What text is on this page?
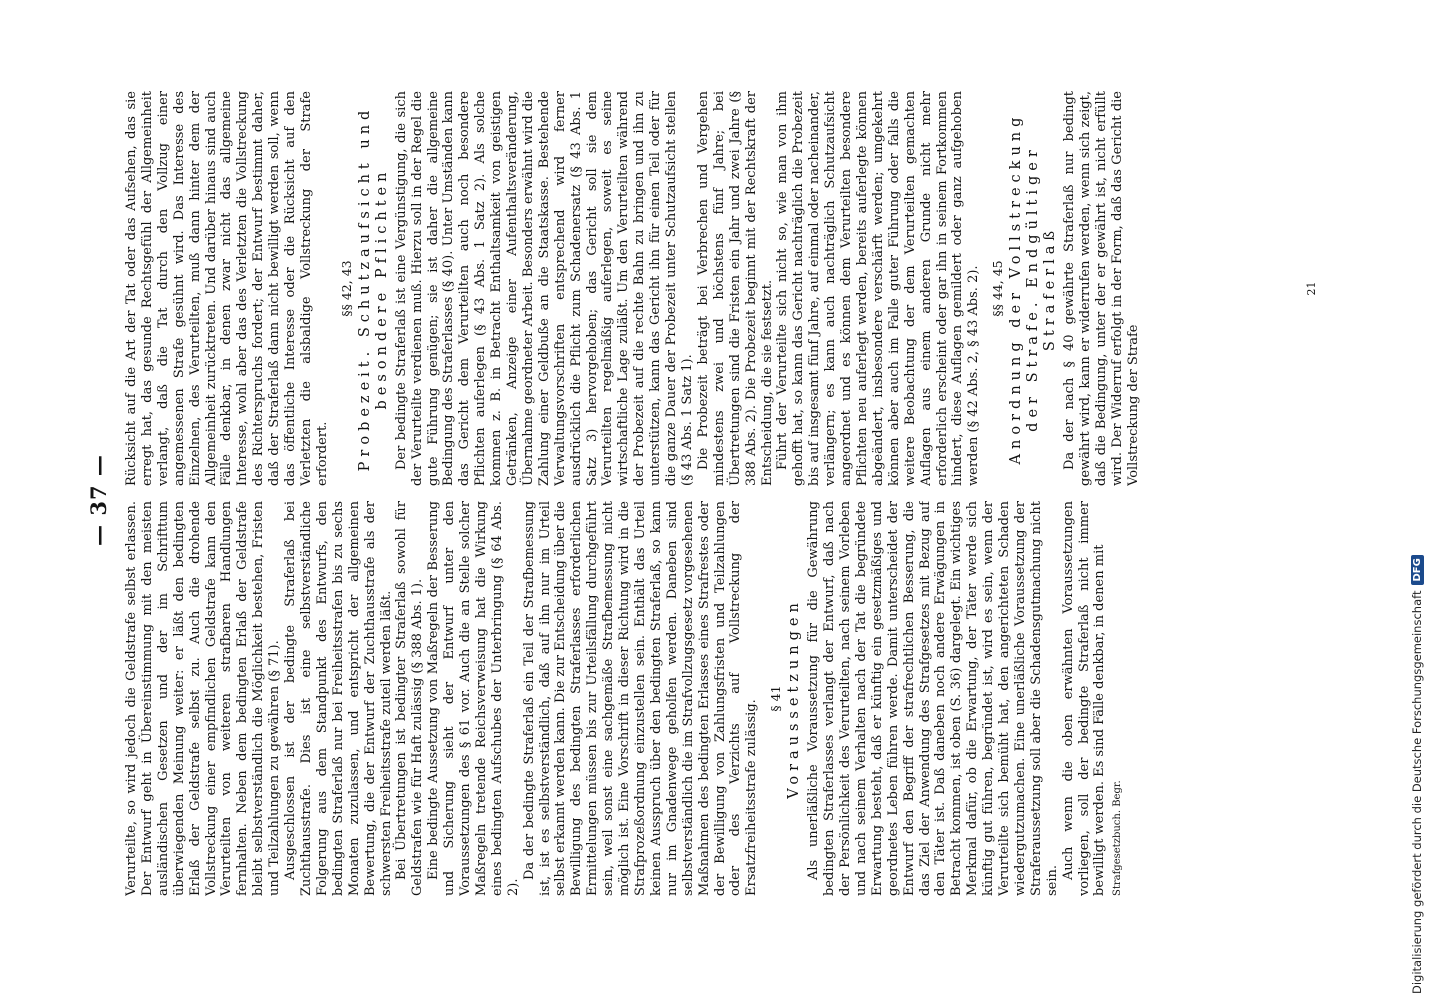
Digitalisierung gefördert durch die Deutsche Forschungsgemeinschaft
DFG
— 37 —

Verurteilte, so wird jedoch die Geldstrafe selbst erlassen. Der Entwurf geht in Übereinstimmung mit den meisten ausländischen Gesetzen und der im Schrifttum überwiegenden Meinung weiter: er läßt den bedingten Erlaß der Geldstrafe selbst zu. Auch die drohende Vollstreckung einer empfindlichen Geldstrafe kann den Verurteilten von weiteren strafbaren Handlungen fernhalten. Neben dem bedingten Erlaß der Geldstrafe bleibt selbstverständlich die Möglichkeit bestehen, Fristen und Teilzahlungen zu gewähren (§ 71). Ausgeschlossen ist der bedingte Straferlaß bei Zuchthausstrafe. Dies ist eine selbstverständliche Folgerung aus dem Standpunkt des Entwurfs, den bedingten Straferlaß nur bei Freiheitsstrafen bis zu sechs Monaten zuzulassen, und entspricht der allgemeinen Bewertung, die der Entwurf der Zuchthausstrafe als der schwersten Freiheitsstrafe zuteil werden läßt. Bei Übertretungen ist bedingter Straferlaß sowohl für Geldstrafen wie für Haft zulässig (§ 388 Abs. 1). Eine bedingte Aussetzung von Maßregeln der Besserung und Sicherung sieht der Entwurf unter den Voraussetzungen des § 61 vor. Auch die an Stelle solcher Maßregeln tretende Reichsverweisung hat die Wirkung eines bedingten Aufschubes der Unterbringung (§ 64 Abs. 2).

Da der bedingte Straferlaß ein Teil der Strafbemessung ist, ist es selbstverständlich, daß auf ihn nur im Urteil selbst erkannt werden kann. Die zur Entscheidung über die Bewilligung des bedingten Straferlasses erforderlichen Ermittelungen müssen bis zur Urteilsfällung durchgeführt sein, weil sonst eine sachgemäße Strafbemessung nicht möglich ist. Eine Vorschrift in dieser Richtung wird in die Strafprozeßordnung einzustellen sein. Enthält das Urteil keinen Ausspruch über den bedingten Straferlaß, so kann nur im Gnadenwege geholfen werden. Daneben sind selbstverständlich die im Strafvollzugsgesetz vorgesehenen Maßnahmen des bedingten Erlasses eines Strafrestes oder der Bewilligung von Zahlungsfristen und Teilzahlungen oder des Verzichts auf Vollstreckung der Ersatzfreiheitsstrafe zulässig.

§ 41 Voraussetzungen Als unerläßliche Voraussetzung für die Gewährung bedingten Straferlasses verlangt der Entwurf, daß nach der Persönlichkeit des Verurteilten, nach seinem Vorleben und nach seinem Verhalten nach der Tat die begründete Erwartung besteht, daß er künftig ein gesetzmäßiges und geordnetes Leben führen werde. Damit unterscheidet der Entwurf den Begriff der strafrechtlichen Besserung, die das Ziel der Anwendung des Strafgesetzes mit Bezug auf den Täter ist. Daß daneben noch andere Erwägungen in Betracht kommen, ist oben (S. 36) dargelegt. Ein wichtiges Merkmal dafür, ob die Erwartung, der Täter werde sich künftig gut führen, begründet ist, wird es sein, wenn der Verurteilte sich bemüht hat, den angerichteten Schaden wiedergutzumachen. Eine unerläßliche Voraussetzung der Straferaussetzung soll aber die Schadensgutmachung nicht sein.

Auch wenn die oben erwähnten Voraussetzungen vorliegen, soll der bedingte Straferlaß nicht immer bewilligt werden. Es sind Fälle denkbar, in denen mit Strafgesetzbuch. Begr.

Rücksicht auf die Art der Tat oder das Aufsehen, das sie erregt hat, das gesunde Rechtsgefühl der Allgemeinheit verlangt, daß die Tat durch den Vollzug einer angemessenen Strafe gesühnt wird. Das Interesse des Einzelnen, des Verurteilten, muß dann hinter dem der Allgemeinheit zurücktreten. Und darüber hinaus sind auch Fälle denkbar, in denen zwar nicht das allgemeine Interesse, wohl aber das des Verletzten die Vollstreckung des Richterspruchs fordert; der Entwurf bestimmt daher, daß der Straferlaß dann nicht bewilligt werden soll, wenn das öffentliche Interesse oder die Rücksicht auf den Verletzten die alsbaldige Vollstreckung der Strafe erfordert.

§§ 42, 43 Probezeit. Schutzaufsicht und besondere Pflichten Der bedingte Straferlaß ist eine Vergünstigung, die sich der Verurteilte verdienen muß. Hierzu soll in der Regel die gute Führung genügen; sie ist daher die allgemeine Bedingung des Straferlasses (§ 40). Unter Umständen kann das Gericht dem Verurteilten auch noch besondere Pflichten auferlegen (§ 43 Abs. 1 Satz 2). Als solche kommen z. B. in Betracht Enthaltsamkeit von geistigen Getränken, Anzeige einer Aufenthaltsveränderung, Übernahme geordneter Arbeit. Besonders erwähnt wird die Zahlung einer Geldbuße an die Staatskasse. Bestehende Verwaltungsvorschriften entsprechend wird ferner ausdrücklich die Pflicht zum Schadenersatz (§ 43 Abs. 1 Satz 3) hervorgehoben; das Gericht soll sie dem Verurteilten regelmäßig auferlegen, soweit es seine wirtschaftliche Lage zuläßt. Um den Verurteilten während der Probezeit auf die rechte Bahn zu bringen und ihn zu unterstützen, kann das Gericht ihn für einen Teil oder für die ganze Dauer der Probezeit unter Schutzaufsicht stellen (§ 43 Abs. 1 Satz 1). Die Probezeit beträgt bei Verbrechen und Vergehen mindestens zwei und höchstens fünf Jahre; bei Übertretungen sind die Fristen ein Jahr und zwei Jahre (§ 388 Abs. 2). Die Probezeit beginnt mit der Rechtskraft der Entscheidung, die sie festsetzt. Führt der Verurteilte sich nicht so, wie man von ihm gehofft hat, so kann das Gericht nachträglich die Probezeit bis auf insgesamt fünf Jahre, auf einmal oder nacheinander, verlängern; es kann auch nachträglich Schutzaufsicht angeordnet und es können dem Verurteilten besondere Pflichten neu auferlegt werden, bereits auferlegte können abgeändert, insbesondere verschärft werden; umgekehrt können aber auch im Falle guter Führung oder falls die weitere Beobachtung der dem Verurteilten gemachten Auflagen aus einem anderen Grunde nicht mehr erforderlich erscheint oder gar ihn in seinem Fortkommen hindert, diese Auflagen gemildert oder ganz aufgehoben werden (§ 42 Abs. 2, § 43 Abs. 2). §§ 44, 45 Anordnung der Vollstreckung der Strafe. Endgültiger Straferlaß Da der nach § 40 gewährte Straferlaß nur bedingt gewährt wird, kann er widerrufen werden, wenn sich zeigt, daß die Bedingung, unter der er gewährt ist, nicht erfüllt wird. Der Widerruf erfolgt in der Form, daß das Gericht die Vollstreckung der Strafe

21
